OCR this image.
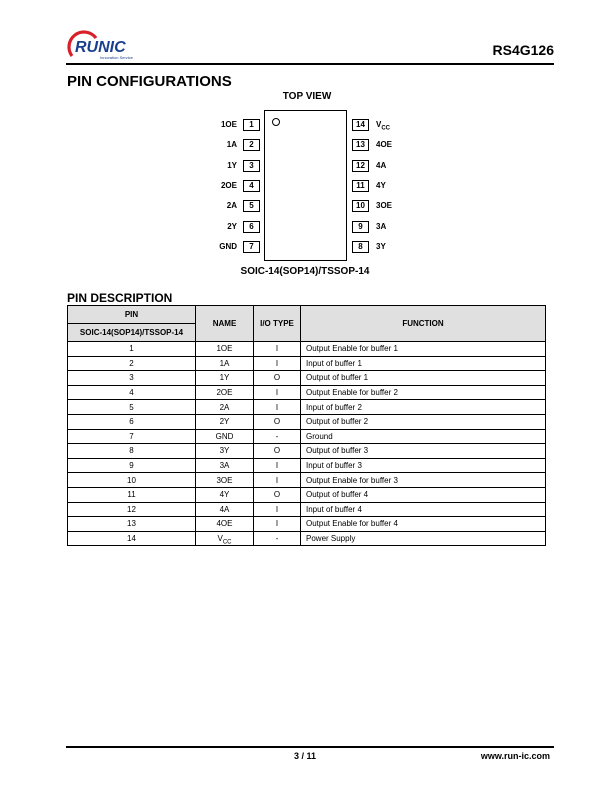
RUNIC
Innovation Service	RS4G126
PIN CONFIGURATIONS
TOP VIEW
1
1OE
2
1A
3
1Y
4
2OE
5
2A
6
2Y
7
GND
14	$V_{CC}$
13	4OE
12	4A
11	4Y
10	3OE
9	3A
8	3Y
SOIC-14(SOP14)/TSSOP-14
PIN DESCRIPTION
PIN	NAME	I/O TYPE	FUNCTION
SOIC-14(SOP14)/TSSOP-14			
1	1OE	I	Output Enable for buffer 1
2	1A	I	Input of buffer 1
3	1Y	O	Output of buffer 1
4	2OE	I	Output Enable for buffer 2
5	2A	I	Input of buffer 2
6	2Y	O	Output of buffer 2
7	GND	-	Ground
8	3Y	O	Output of buffer 3
9	3A	I	Input of buffer 3
10	3OE	I	Output Enable for buffer 3
11	4Y	O	Output of buffer 4
12	4A	I	Input of buffer 4
13	4OE	I	Output Enable for buffer 4
14	$V_{CC}$	-	Power Supply
3 / 11	www.run-ic.com
